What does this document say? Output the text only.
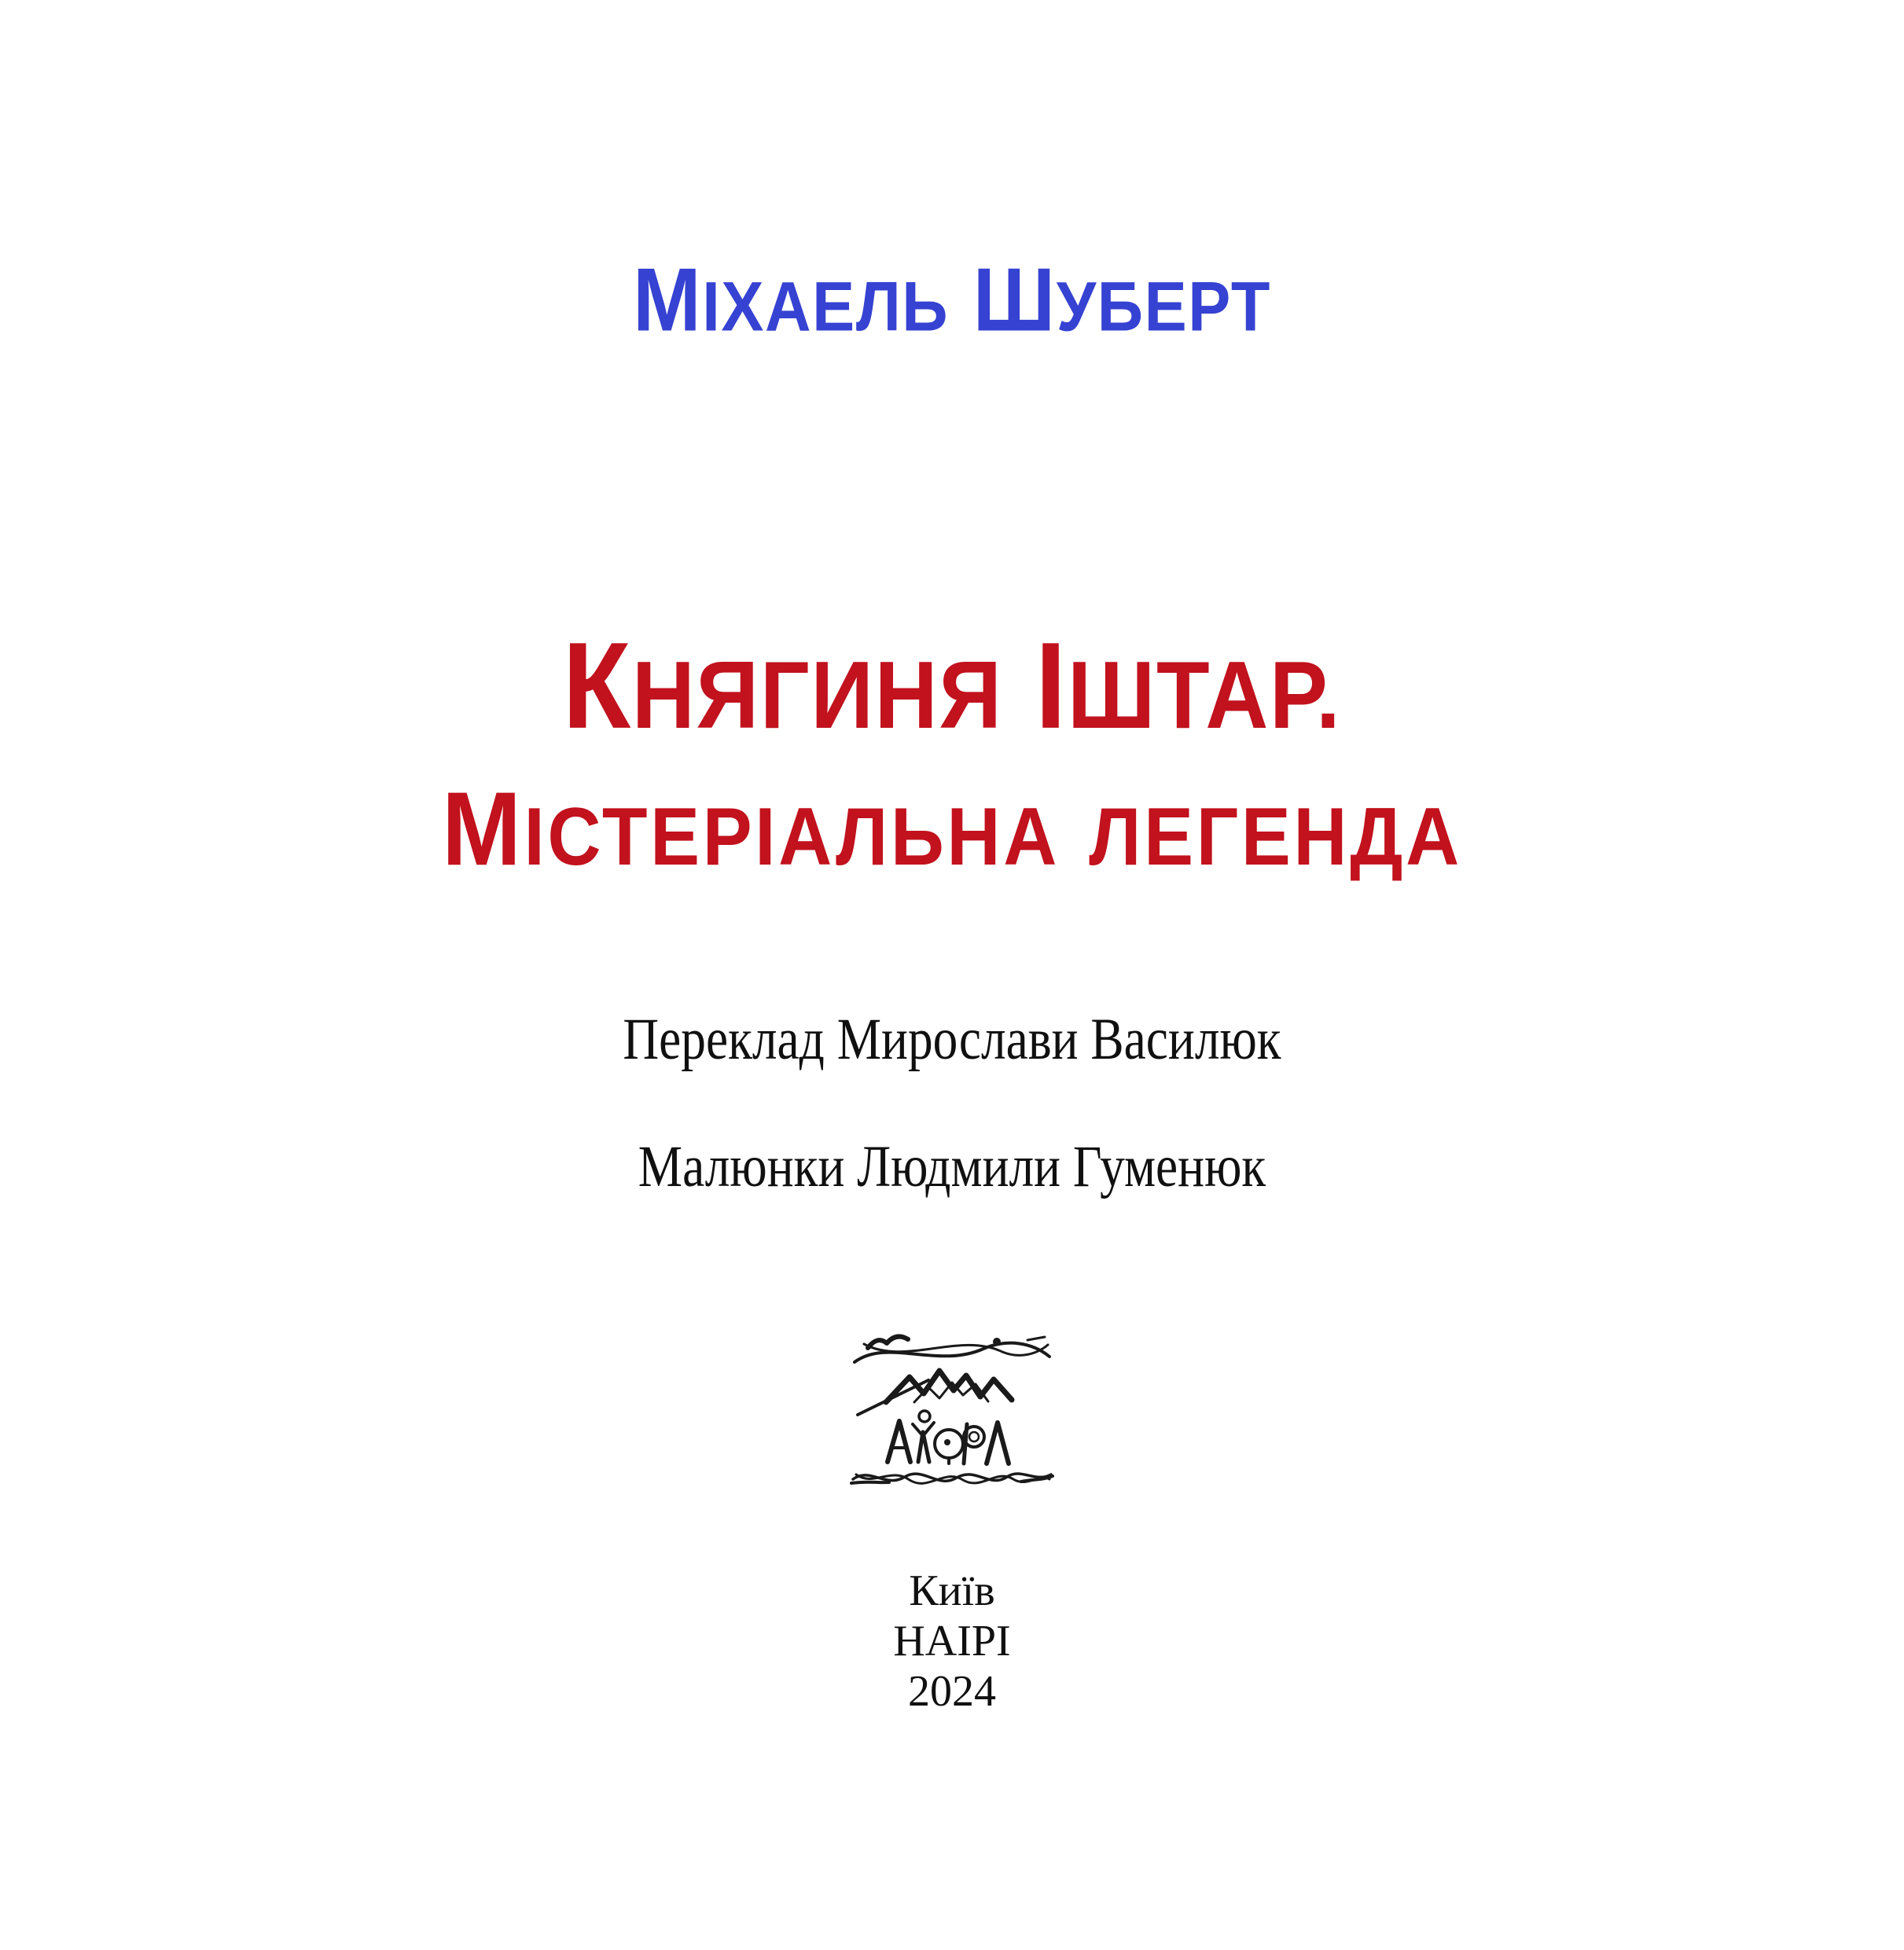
МІХАЕЛЬ ШУБЕРТ
КНЯГИНЯ ІШТАР.
МІСТЕРІАЛЬНА ЛЕГЕНДА
Переклад Мирослави Василюк
Малюнки Людмили Гуменюк
Київ
НАІРІ
2024
